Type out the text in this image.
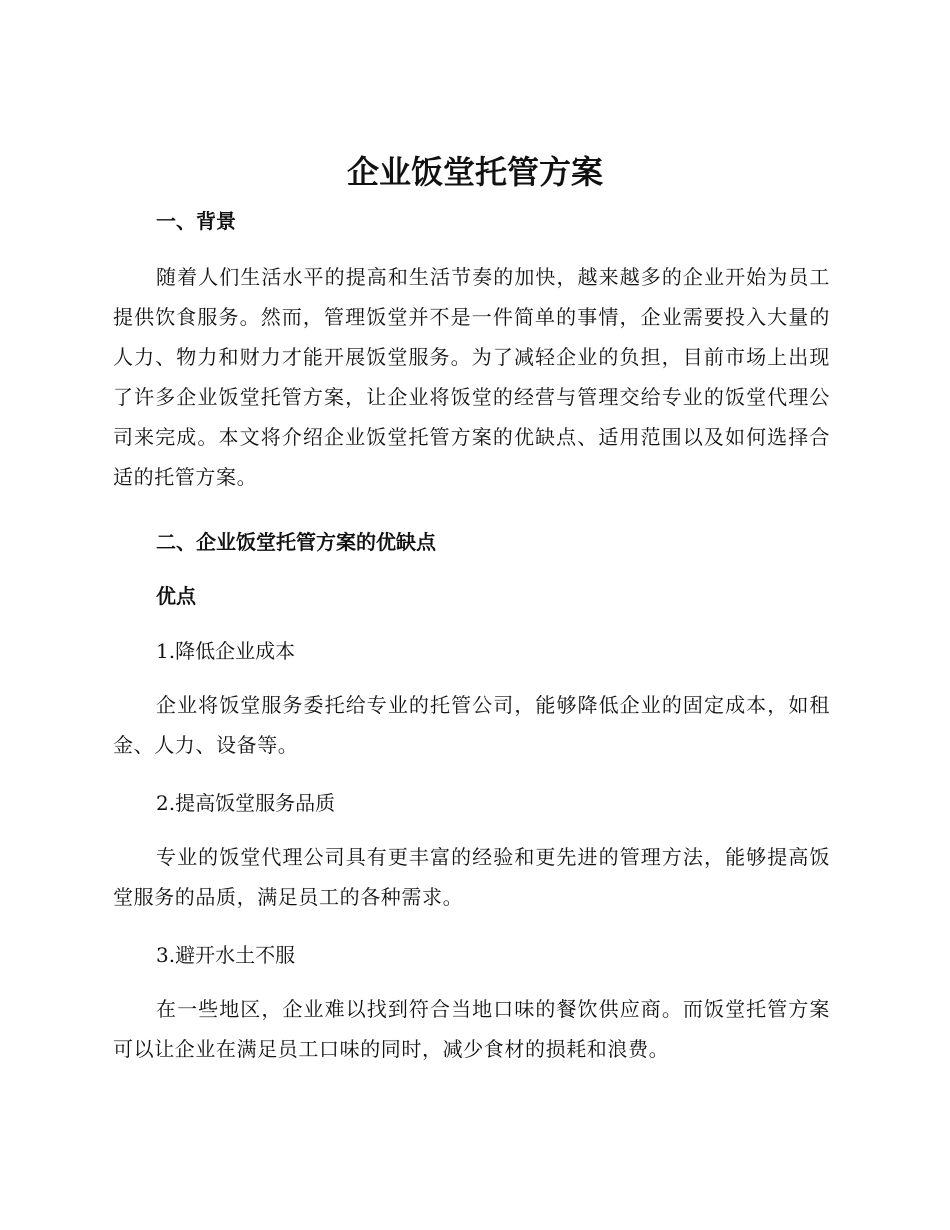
企业饭堂托管方案
一、背景

随着人们生活水平的提高和生活节奏的加快，越来越多的企业开始为员工提供饮食服务。然而，管理饭堂并不是一件简单的事情，企业需要投入大量的人力、物力和财力才能开展饭堂服务。为了减轻企业的负担，目前市场上出现了许多企业饭堂托管方案，让企业将饭堂的经营与管理交给专业的饭堂代理公司来完成。本文将介绍企业饭堂托管方案的优缺点、适用范围以及如何选择合适的托管方案。

二、企业饭堂托管方案的优缺点
优点

1.降低企业成本

企业将饭堂服务委托给专业的托管公司，能够降低企业的固定成本，如租金、人力、设备等。

2.提高饭堂服务品质

专业的饭堂代理公司具有更丰富的经验和更先进的管理方法，能够提高饭堂服务的品质，满足员工的各种需求。

3.避开水土不服

在一些地区，企业难以找到符合当地口味的餐饮供应商。而饭堂托管方案可以让企业在满足员工口味的同时，减少食材的损耗和浪费。
